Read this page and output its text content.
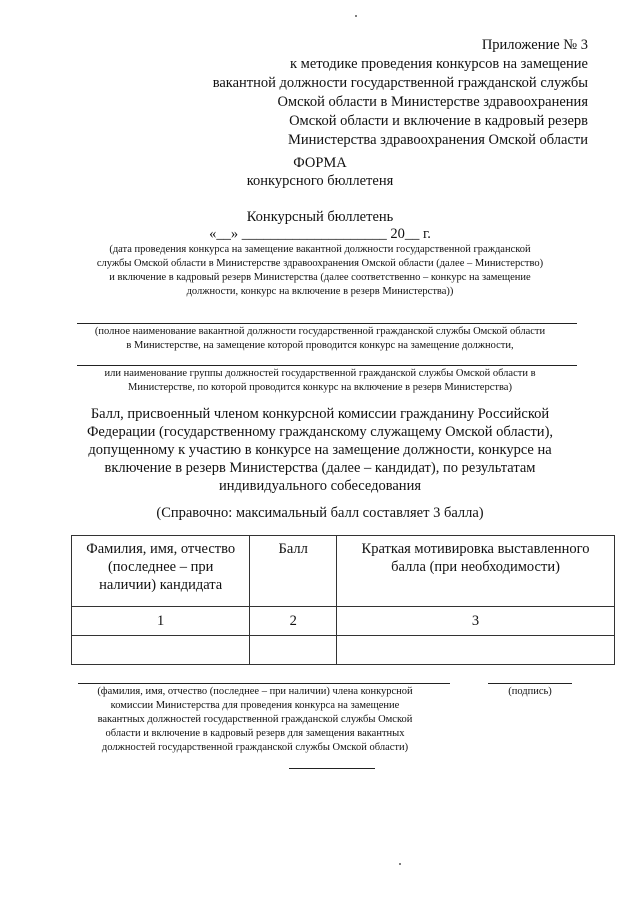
Приложение № 3
к методике проведения конкурсов на замещение
вакантной должности государственной гражданской службы
Омской области в Министерстве здравоохранения
Омской области и включение в кадровый резерв
Министерства здравоохранения Омской области
ФОРМА
конкурсного бюллетеня
Конкурсный бюллетень
«__» ____________________ 20__ г.
(дата проведения конкурса на замещение вакантной должности государственной гражданской
службы Омской области в Министерстве здравоохранения Омской области (далее – Министерство)
и включение в кадровый резерв Министерства (далее соответственно – конкурс на замещение
должности, конкурс на включение в резерв Министерства))
(полное наименование вакантной должности государственной гражданской службы Омской области
в Министерстве, на замещение которой проводится конкурс на замещение должности,
или наименование группы должностей государственной гражданской службы Омской области в
Министерстве, по которой проводится конкурс на включение в резерв Министерства)
Балл, присвоенный членом конкурсной комиссии гражданину Российской
Федерации (государственному гражданскому служащему Омской области),
допущенному к участию в конкурсе на замещение должности, конкурсе на
включение в резерв Министерства (далее – кандидат), по результатам
индивидуального собеседования
(Справочно: максимальный балл составляет 3 балла)
Фамилия, имя, отчество (последнее – при наличии) кандидата	Балл	Краткая мотивировка выставленного балла (при необходимости)
1	2	3

(фамилия, имя, отчество (последнее – при наличии) члена конкурсной
комиссии Министерства для проведения конкурса на замещение
вакантных должностей государственной гражданской службы Омской
области и включение в кадровый резерв для замещения вакантных
должностей государственной гражданской службы Омской области)
(подпись)
